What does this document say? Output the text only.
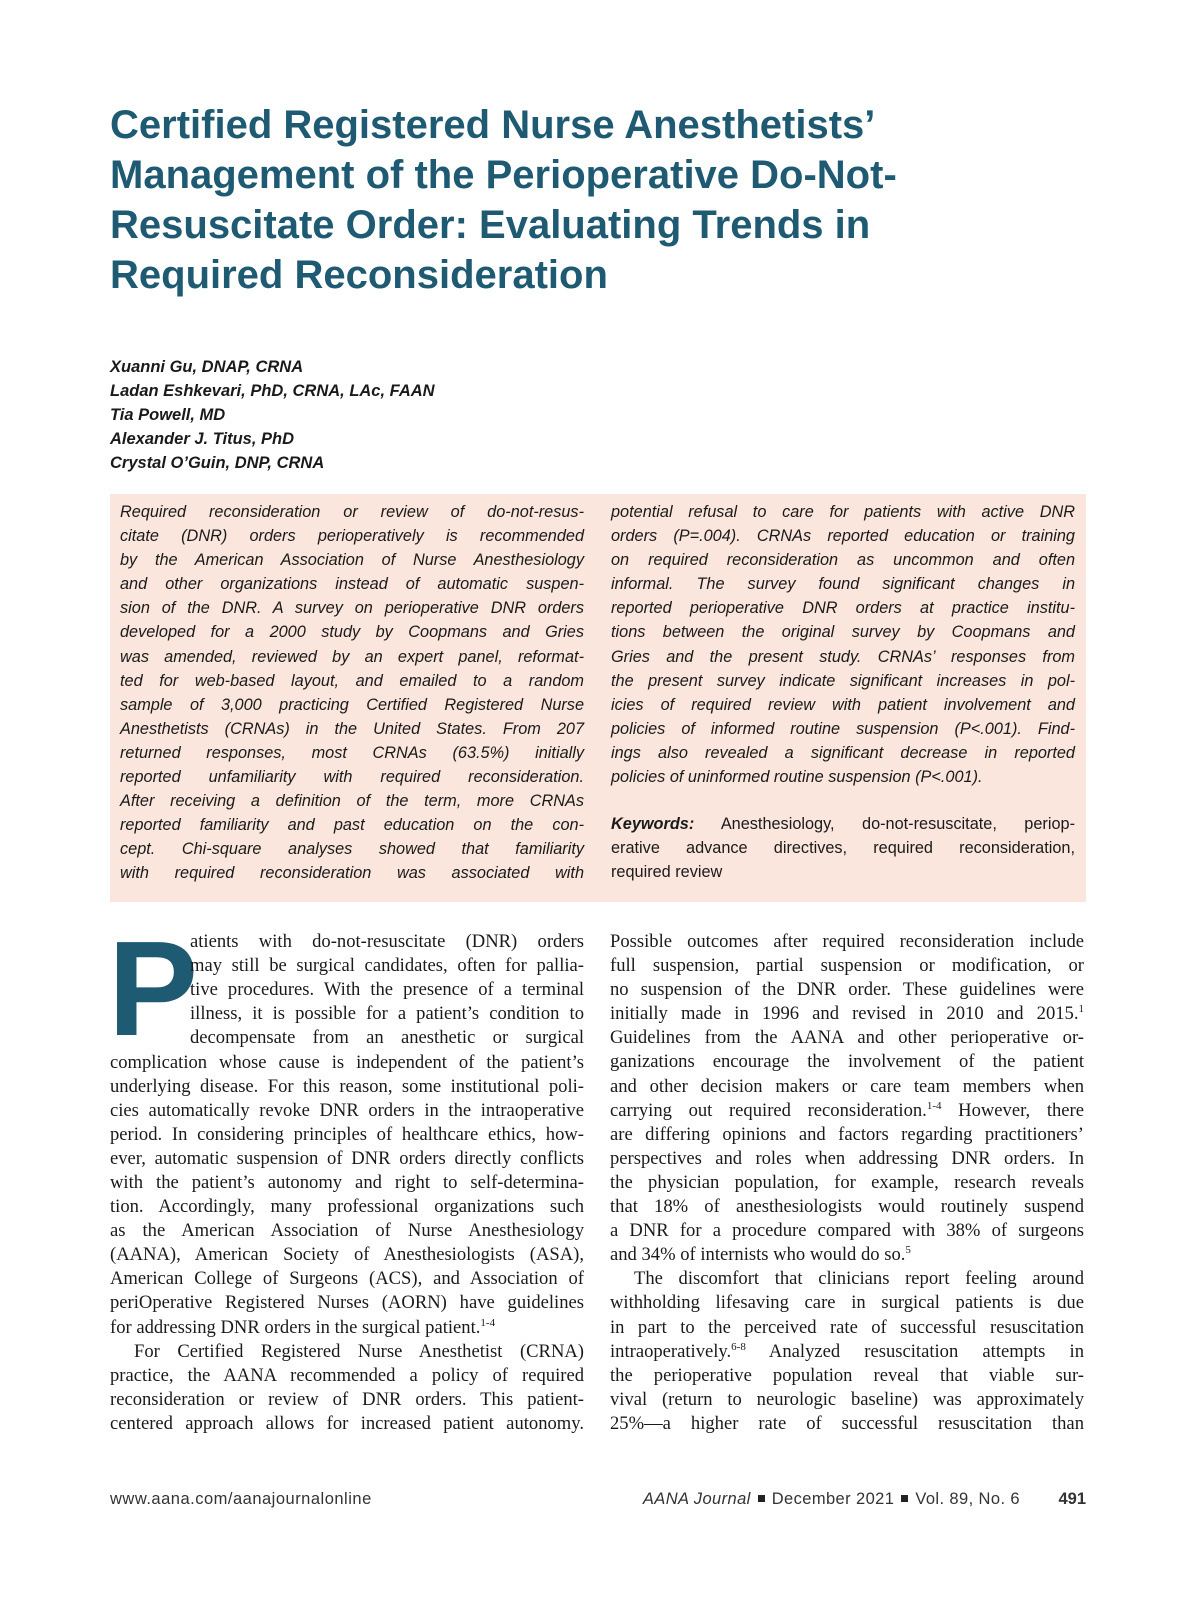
Certified Registered Nurse Anesthetists’
Management of the Perioperative Do-Not-
Resuscitate Order: Evaluating Trends in
Required Reconsideration
Xuanni Gu, DNAP, CRNA
Ladan Eshkevari, PhD, CRNA, LAc, FAAN
Tia Powell, MD
Alexander J. Titus, PhD
Crystal O’Guin, DNP, CRNA
Required reconsideration or review of do-not-resus-
citate (DNR) orders perioperatively is recommended
by the American Association of Nurse Anesthesiology
and other organizations instead of automatic suspen-
sion of the DNR. A survey on perioperative DNR orders
developed for a 2000 study by Coopmans and Gries
was amended, reviewed by an expert panel, reformat-
ted for web-based layout, and emailed to a random
sample of 3,000 practicing Certified Registered Nurse
Anesthetists (CRNAs) in the United States. From 207
returned responses, most CRNAs (63.5%) initially
reported unfamiliarity with required reconsideration.
After receiving a definition of the term, more CRNAs
reported familiarity and past education on the con-
cept. Chi-square analyses showed that familiarity
with required reconsideration was associated with
potential refusal to care for patients with active DNR
orders (P=.004). CRNAs reported education or training
on required reconsideration as uncommon and often
informal. The survey found significant changes in
reported perioperative DNR orders at practice institu-
tions between the original survey by Coopmans and
Gries and the present study. CRNAs’ responses from
the present survey indicate significant increases in pol-
icies of required review with patient involvement and
policies of informed routine suspension (P<.001). Find-
ings also revealed a significant decrease in reported
policies of uninformed routine suspension (P<.001).
Keywords: Anesthesiology, do-not-resuscitate, periop-
erative advance directives, required reconsideration,
required review
P
atients with do-not-resuscitate (DNR) orders
may still be surgical candidates, often for pallia-
tive procedures. With the presence of a terminal
illness, it is possible for a patient’s condition to
decompensate from an anesthetic or surgical
complication whose cause is independent of the patient’s
underlying disease. For this reason, some institutional poli-
cies automatically revoke DNR orders in the intraoperative
period. In considering principles of healthcare ethics, how-
ever, automatic suspension of DNR orders directly conflicts
with the patient’s autonomy and right to self-determina-
tion. Accordingly, many professional organizations such
as the American Association of Nurse Anesthesiology
(AANA), American Society of Anesthesiologists (ASA),
American College of Surgeons (ACS), and Association of
periOperative Registered Nurses (AORN) have guidelines
for addressing DNR orders in the surgical patient.$^{1-4}$
For Certified Registered Nurse Anesthetist (CRNA)
practice, the AANA recommended a policy of required
reconsideration or review of DNR orders. This patient-
centered approach allows for increased patient autonomy.
Possible outcomes after required reconsideration include
full suspension, partial suspension or modification, or
no suspension of the DNR order. These guidelines were
initially made in 1996 and revised in 2010 and 2015.$^1$
Guidelines from the AANA and other perioperative or-
ganizations encourage the involvement of the patient
and other decision makers or care team members when
carrying out required reconsideration.$^{1-4}$ However, there
are differing opinions and factors regarding practitioners’
perspectives and roles when addressing DNR orders. In
the physician population, for example, research reveals
that 18% of anesthesiologists would routinely suspend
a DNR for a procedure compared with 38% of surgeons
and 34% of internists who would do so.$^5$
The discomfort that clinicians report feeling around
withholding lifesaving care in surgical patients is due
in part to the perceived rate of successful resuscitation
intraoperatively.$^{6-8}$ Analyzed resuscitation attempts in
the perioperative population reveal that viable sur-
vival (return to neurologic baseline) was approximately
25%—a higher rate of successful resuscitation than
www.aana.com/aanajournalonline	AANA Journal December 2021 Vol. 89, No. 6 491
